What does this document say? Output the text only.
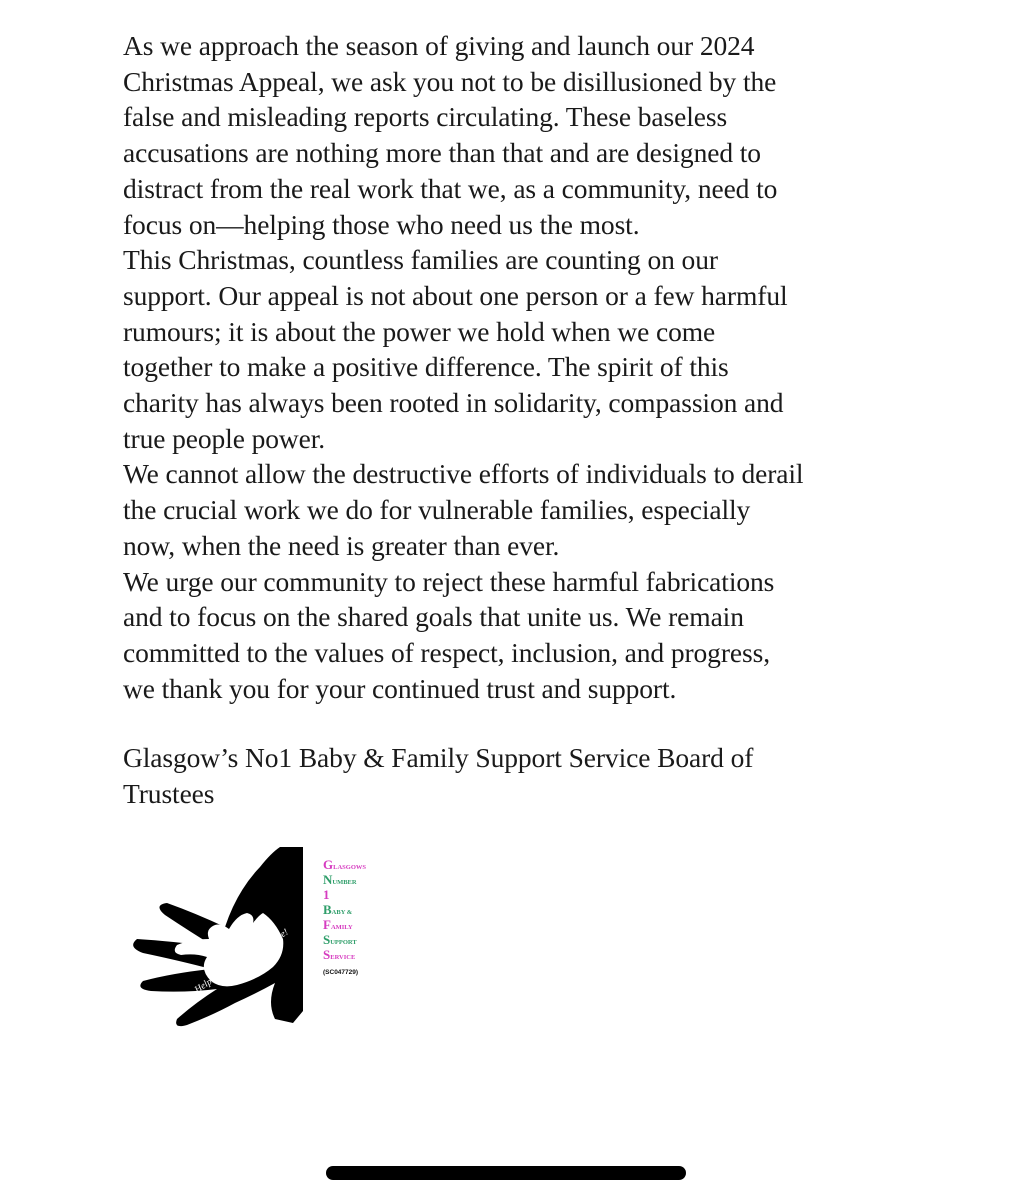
As we approach the season of giving and launch our 2024
Christmas Appeal, we ask you not to be disillusioned by the
false and misleading reports circulating. These baseless
accusations are nothing more than that and are designed to
distract from the real work that we, as a community, need to
focus on—helping those who need us the most.

This Christmas, countless families are counting on our
support. Our appeal is not about one person or a few harmful
rumours; it is about the power we hold when we come
together to make a positive difference. The spirit of this
charity has always been rooted in solidarity, compassion and
true people power.

We cannot allow the destructive efforts of individuals to derail
the crucial work we do for vulnerable families, especially
now, when the need is greater than ever.

We urge our community to reject these harmful fabrications
and to focus on the shared goals that unite us. We remain
committed to the values of respect, inclusion, and progress,
we thank you for your continued trust and support.

Glasgow’s No1 Baby & Family Support Service Board of
Trustees

Helping Hands Don't Judge!
GLASGOWS
NUMBER
1
BABY &
FAMILY
SUPPORT
SERVICE
(SC047729)
